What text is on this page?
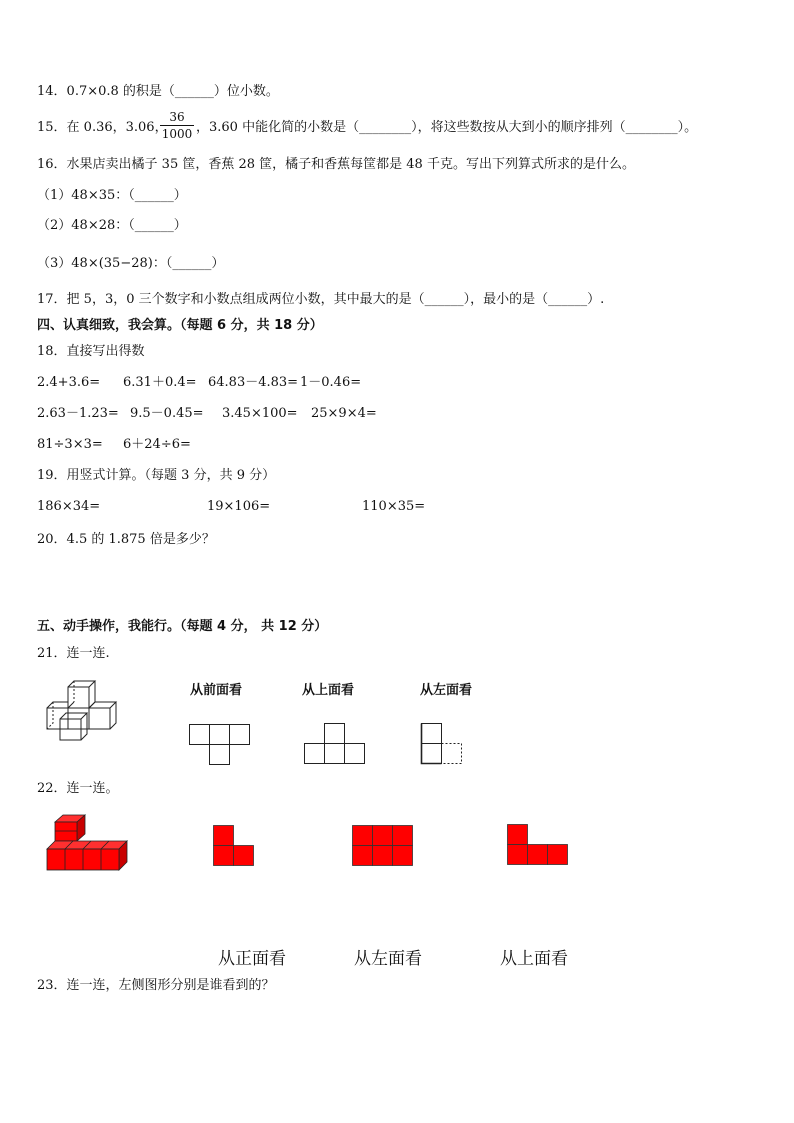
14．0.7×0.8 的积是（______）位小数。
15．在 0.36，3.06，
36
1000 ，3.60 中能化简的小数是（________），将这些数按从大到小的顺序排列（________）。
16．水果店卖出橘子 35 筐，香蕉 28 筐，橘子和香蕉每筐都是 48 千克。写出下列算式所求的是什么。
（1）48×35：（______）
（2）48×28：（______）
（3）48×(35−28)：（______）
17．把 5，3，0 三个数字和小数点组成两位小数，其中最大的是（______），最小的是（______）.
四、认真细致，我会算。（每题 6 分，共 18 分）
18．直接写出得数
2.4+3.6= 6.31＋0.4= 64.83－4.83= 1－0.46=
2.63－1.23= 9.5－0.45= 3.45×100= 25×9×4=
81÷3×3= 6＋24÷6=
19．用竖式计算。（每题 3 分，共 9 分）
186×34=	19×106=	110×35=
20．4.5 的 1.875 倍是多少？
五、动手操作，我能行。（每题 4 分， 共 12 分）
21．连一连.
从前面看	从上面看	从左面看
22．连一连。
从正面看	从左面看	从上面看
23．连一连，左侧图形分别是谁看到的？
